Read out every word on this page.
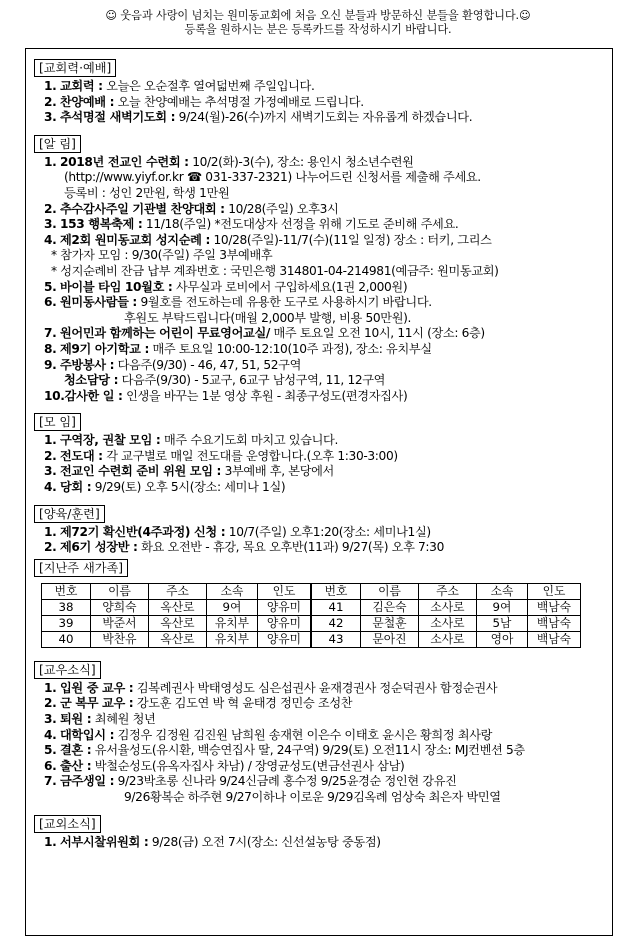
☺ 웃음과 사랑이 넘치는 원미동교회에 처음 오신 분들과 방문하신 분들을 환영합니다.☺
등록을 원하시는 분은 등록카드를 작성하시기 바랍니다.
[교회력·예배]
1. 교회력 : 오늘은 오순절후 열여덟번째 주일입니다.
2. 찬양예배 : 오늘 찬양예배는 추석명절 가정예배로 드립니다.
3. 추석명절 새벽기도회 : 9/24(월)-26(수)까지 새벽기도회는 자유롭게 하겠습니다.
[알 림]
1. 2018년 전교인 수련회 : 10/2(화)-3(수), 장소: 용인시 청소년수련원
(http://www.yiyf.or.kr ☎ 031-337-2321) 나누어드린 신청서를 제출해 주세요.
등록비 : 성인 2만원, 학생 1만원
2. 추수감사주일 기관별 찬양대회 : 10/28(주일) 오후3시
3. 153 행복축제 : 11/18(주일) *전도대상자 선정을 위해 기도로 준비해 주세요.
4. 제2회 원미동교회 성지순례 : 10/28(주일)-11/7(수)(11일 일정) 장소 : 터키, 그리스
* 참가자 모임 : 9/30(주일) 주일 3부예배후
* 성지순례비 잔금 납부 계좌번호 : 국민은행 314801-04-214981(예금주: 원미동교회)
5. 바이블 타임 10월호 : 사무실과 로비에서 구입하세요(1권 2,000원)
6. 원미동사람들 : 9월호를 전도하는데 유용한 도구로 사용하시기 바랍니다.
후원도 부탁드립니다(매월 2,000부 발행, 비용 50만원).
7. 원어민과 함께하는 어린이 무료영어교실/ 매주 토요일 오전 10시, 11시 (장소: 6층)
8. 제9기 아기학교 : 매주 토요일 10:00-12:10(10주 과정), 장소: 유치부실
9. 주방봉사 : 다음주(9/30) - 46, 47, 51, 52구역
청소담당 : 다음주(9/30) - 5교구, 6교구 남성구역, 11, 12구역
10.감사한 일 : 인생을 바꾸는 1분 영상 후원 - 최종구성도(편경자집사)
[모 임]
1. 구역장, 권찰 모임 : 매주 수요기도회 마치고 있습니다.
2. 전도대 : 각 교구별로 매일 전도대를 운영합니다.(오후 1:30-3:00)
3. 전교인 수련회 준비 위원 모임 : 3부예배 후, 본당에서
4. 당회 : 9/29(토) 오후 5시(장소: 세미나 1실)
[양육/훈련]
1. 제72기 확신반(4주과정) 신청 : 10/7(주일) 오후1:20(장소: 세미나1실)
2. 제6기 성장반 : 화요 오전반 - 휴강, 목요 오후반(11과) 9/27(목) 오후 7:30
[지난주 새가족]
번호	이름	주소	소속	인도	번호	이름	주소	소속	인도
38	양희숙	옥산로	9여	양유미	41	김은숙	소사로	9여	백남숙
39	박준서	옥산로	유치부	양유미	42	문철훈	소사로	5남	백남숙
40	박찬유	옥산로	유치부	양유미	43	문아진	소사로	영아	백남숙
[교우소식]
1. 입원 중 교우 : 김복례권사 박태영성도 심은섭권사 윤재경권사 정순덕권사 함정순권사
2. 군 복무 교우 : 강도훈 김도연 박 혁 윤태경 정민승 조성찬
3. 퇴원 : 최혜원 청년
4. 대학입시 : 김정우 김정원 김진원 남희원 송재현 이은수 이태호 윤시은 황희정 최사랑
5. 결혼 : 유서율성도(유시환, 백승연집사 딸, 24구역) 9/29(토) 오전11시 장소: MJ컨벤션 5층
6. 출산 : 박철순성도(유옥자집사 차남) / 장영균성도(변금선권사 삼남)
7. 금주생일 : 9/23박초롱 신나라 9/24신금례 홍수정 9/25윤경순 정인현 강유진
9/26황복순 하주현 9/27이하나 이로운 9/29김옥례 엄상숙 최은자 박민열
[교외소식]
1. 서부시찰위원회 : 9/28(금) 오전 7시(장소: 신선설농탕 중동점)
